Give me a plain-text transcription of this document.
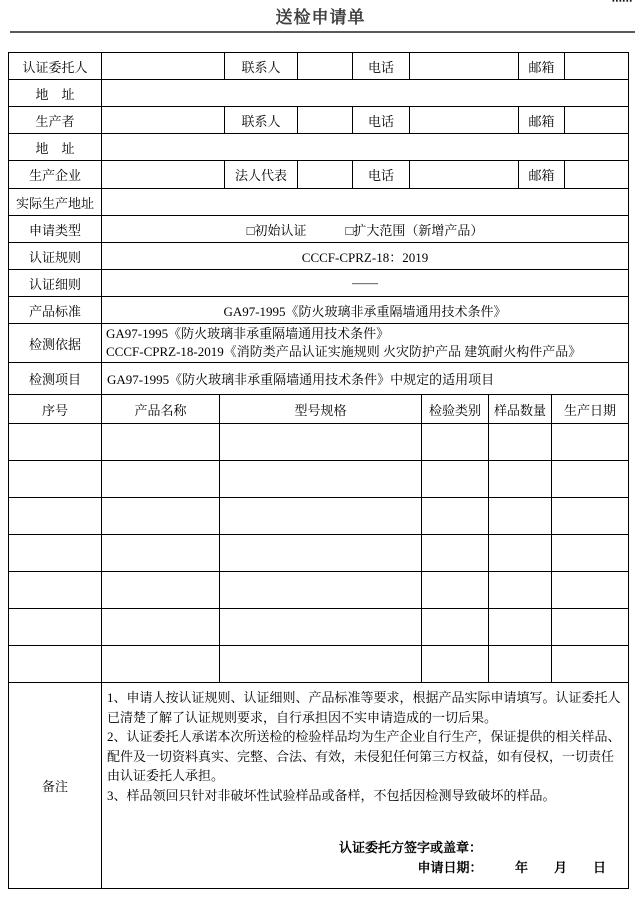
▪▪▪▪▪▪
送检申请单
认证委托人		联系人		电话		邮箱	
地　址							
生产者		联系人		电话		邮箱	
地　址							
生产企业		法人代表		电话		邮箱	
实际生产地址							
申请类型	□初始认证　　　□扩大范围（新增产品）
认证规则	CCCF-CPRZ-18：2019
认证细则	——
产品标准	GA97-1995《防火玻璃非承重隔墙通用技术条件》
检测依据	GA97-1995《防火玻璃非承重隔墙通用技术条件》
CCCF-CPRZ-18-2019《消防类产品认证实施规则 火灾防护产品 建筑耐火构件产品》

检测项目	GA97-1995《防火玻璃非承重隔墙通用技术条件》中规定的适用项目
序号	产品名称	型号规格	检验类别	样品数量	生产日期

备注	
1、申请人按认证规则、认证细则、产品标准等要求，根据产品实际申请填写。认证委托人已清楚了解了认证规则要求，自行承担因不实申请造成的一切后果。
2、认证委托人承诺本次所送检的检验样品均为生产企业自行生产，保证提供的相关样品、配件及一切资料真实、完整、合法、有效，未侵犯任何第三方权益，如有侵权，一切责任由认证委托人承担。
3、样品领回只针对非破坏性试验样品或备样，不包括因检测导致破坏的样品。
认证委托方签字或盖章：
申请日期：　　　年　　月　　日
